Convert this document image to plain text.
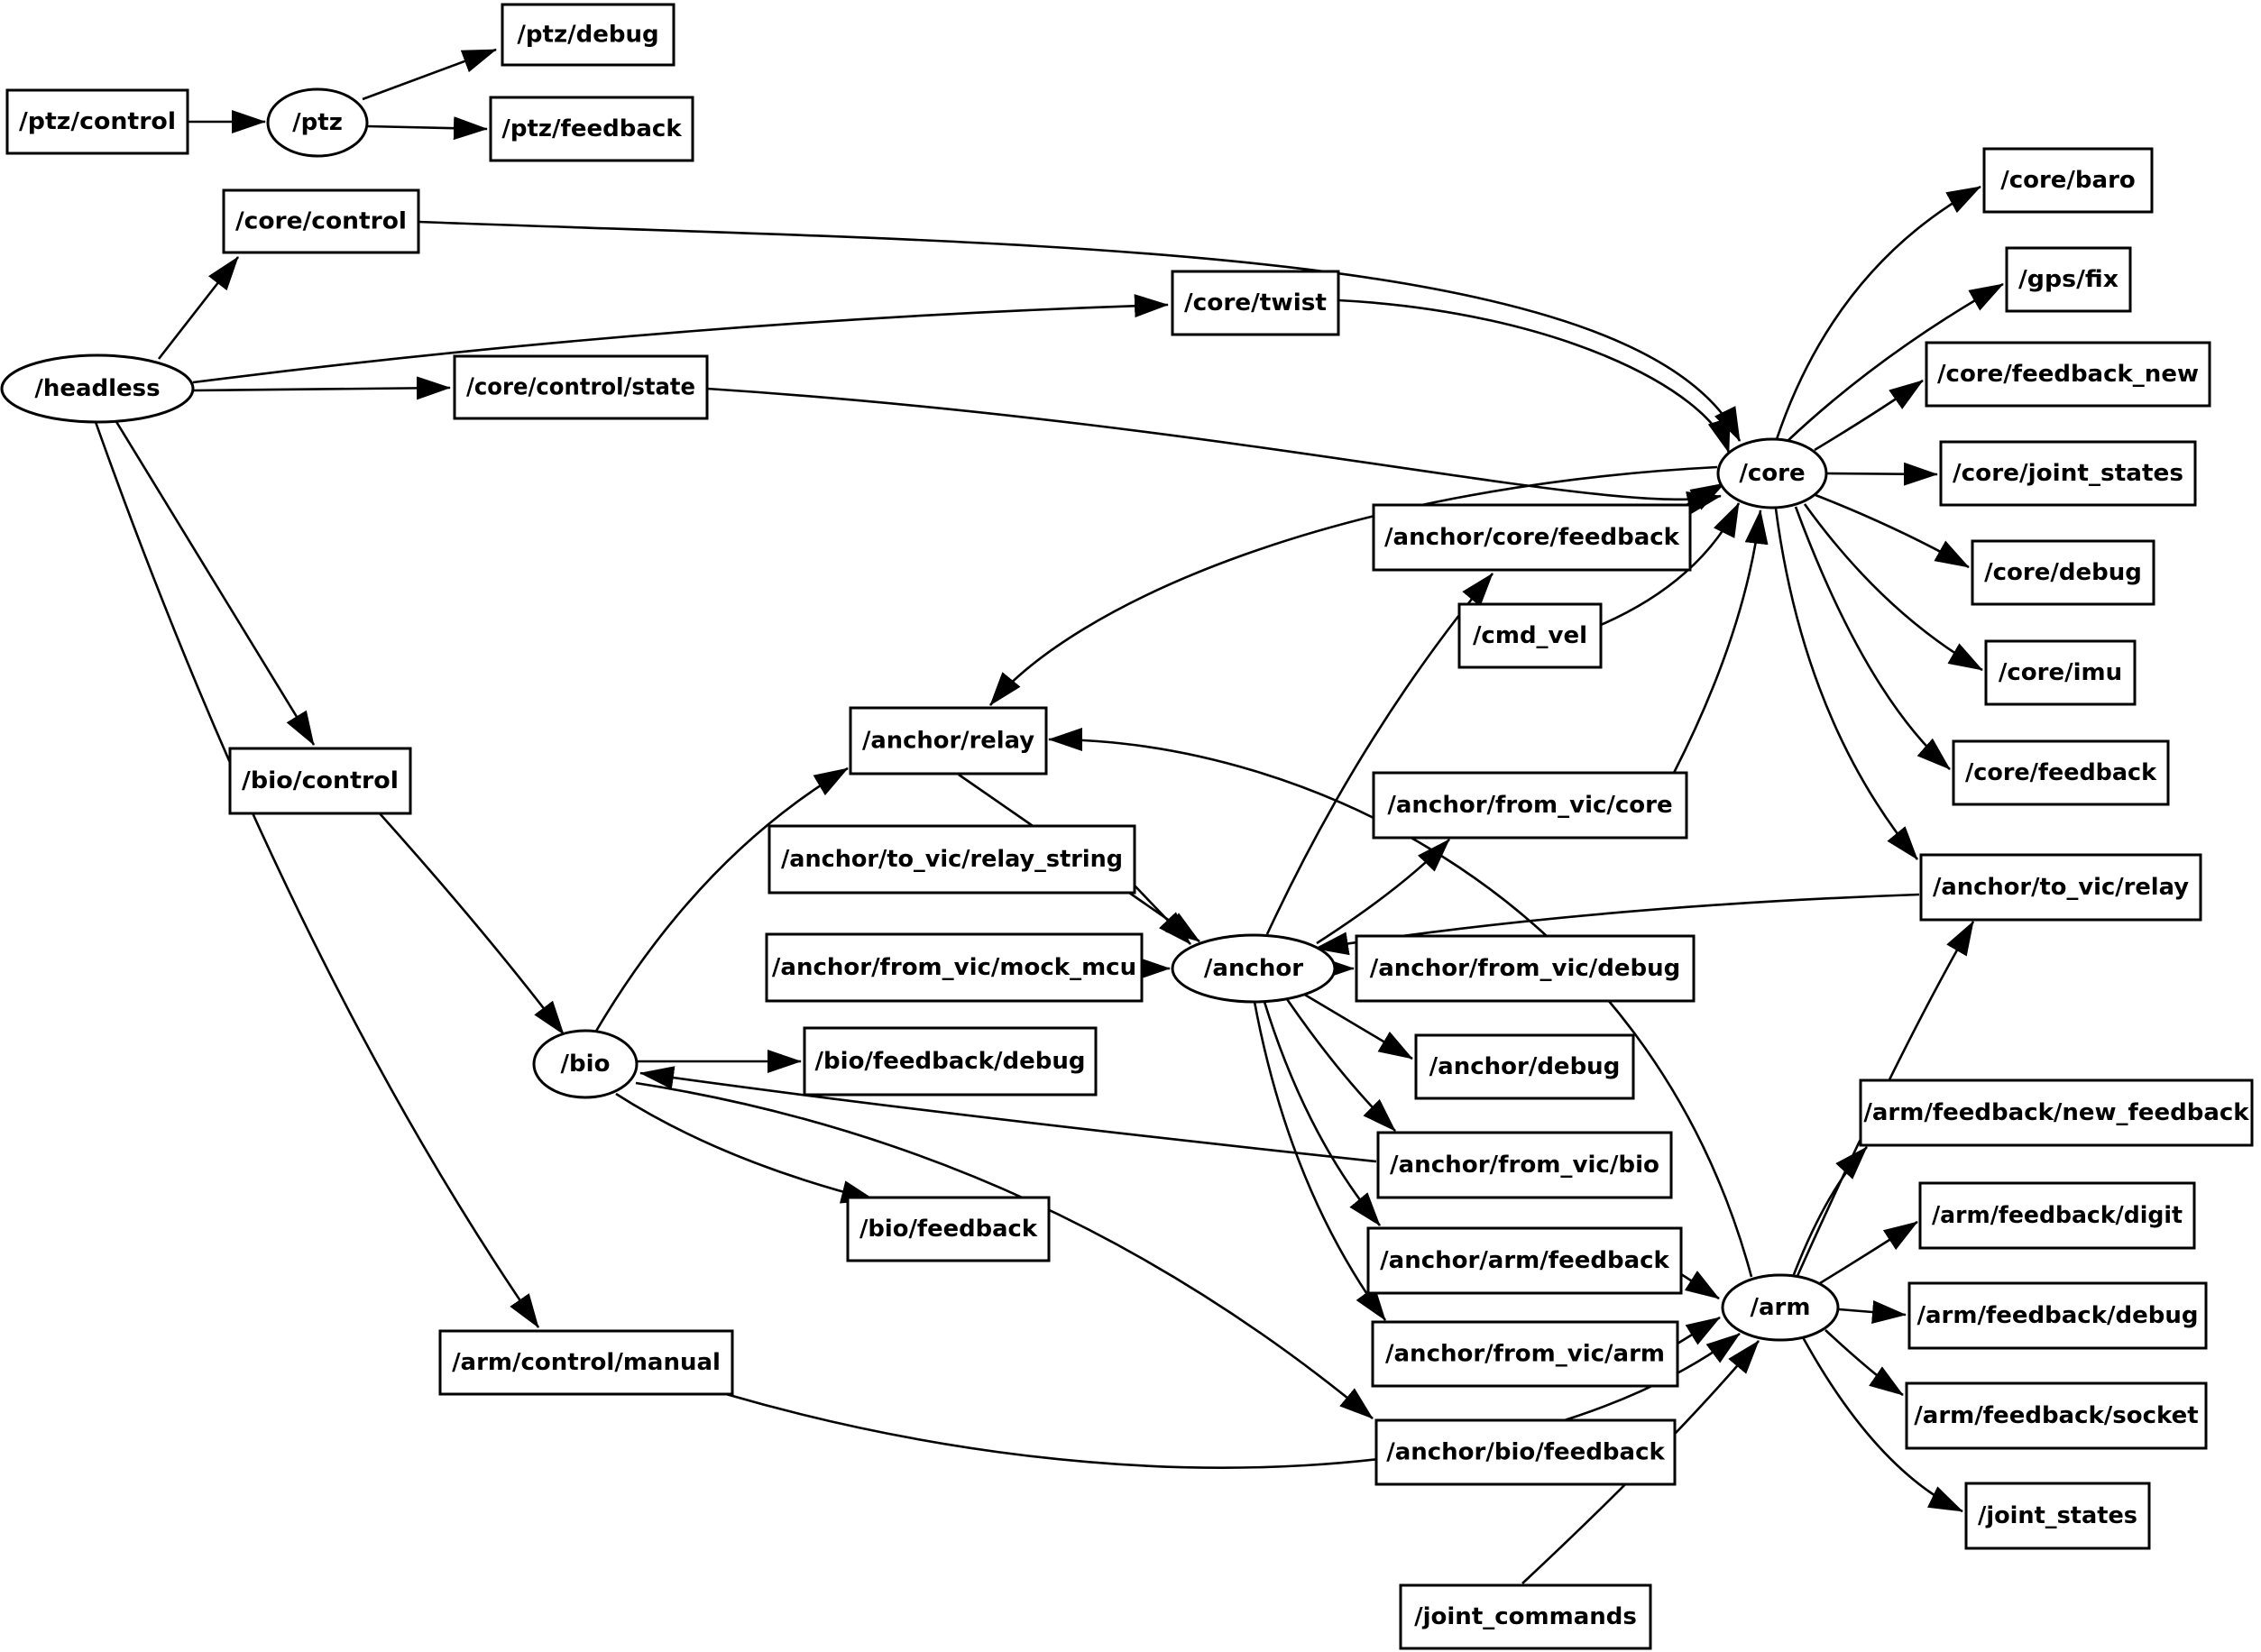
/ptz
/headless
/core
/anchor
/bio
/arm
/ptz/control
/ptz/debug
/ptz/feedback
/core/control
/core/twist
/core/control/state
/core/baro
/gps/fix
/core/feedback_new
/core/joint_states
/core/debug
/core/imu
/core/feedback
/anchor/to_vic/relay
/anchor/core/feedback
/cmd_vel
/anchor/relay
/anchor/from_vic/core
/anchor/to_vic/relay_string
/anchor/from_vic/mock_mcu
/bio/feedback/debug
/bio/feedback
/bio/control
/arm/control/manual
/anchor/from_vic/debug
/anchor/debug
/anchor/from_vic/bio
/anchor/arm/feedback
/anchor/from_vic/arm
/anchor/bio/feedback
/joint_commands
/arm/feedback/new_feedback
/arm/feedback/digit
/arm/feedback/debug
/arm/feedback/socket
/joint_states
